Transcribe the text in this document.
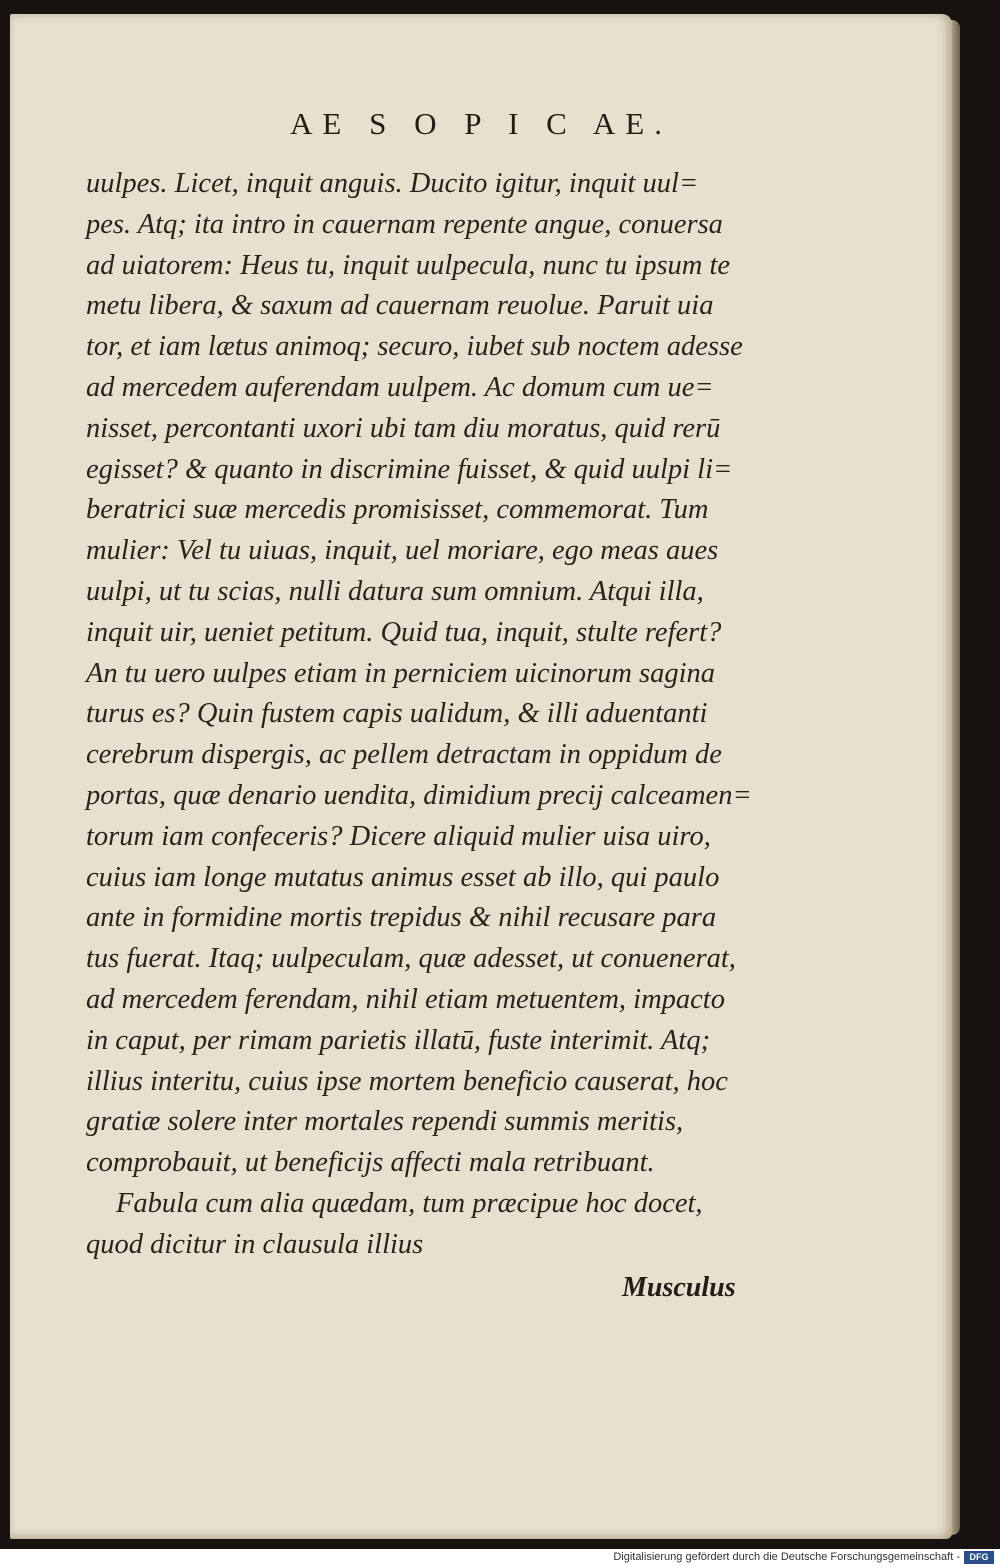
AE S O P I C AE.
uulpes. Licet, inquit anguis. Ducito igitur, inquit uul=
pes. Atq; ita intro in cauernam repente angue, conuersa
ad uiatorem: Heus tu, inquit uulpecula, nunc tu ipsum te
metu libera, & saxum ad cauernam reuolue. Paruit uia
tor, et iam lætus animoq; securo, iubet sub noctem adesse
ad mercedem auferendam uulpem. Ac domum cum ue=
nisset, percontanti uxori ubi tam diu moratus, quid rerū
egisset? & quanto in discrimine fuisset, & quid uulpi li=
beratrici suæ mercedis promisisset, commemorat. Tum
mulier: Vel tu uiuas, inquit, uel moriare, ego meas aues
uulpi, ut tu scias, nulli datura sum omnium. Atqui illa,
inquit uir, ueniet petitum. Quid tua, inquit, stulte refert?
An tu uero uulpes etiam in perniciem uicinorum sagina
turus es? Quin fustem capis ualidum, & illi aduentanti
cerebrum dispergis, ac pellem detractam in oppidum de
portas, quæ denario uendita, dimidium precij calceamen=
torum iam confeceris? Dicere aliquid mulier uisa uiro,
cuius iam longe mutatus animus esset ab illo, qui paulo
ante in formidine mortis trepidus & nihil recusare para
tus fuerat. Itaq; uulpeculam, quæ adesset, ut conuenerat,
ad mercedem ferendam, nihil etiam metuentem, impacto
in caput, per rimam parietis illatū, fuste interimit. Atq;
illius interitu, cuius ipse mortem beneficio causerat, hoc
gratiæ solere inter mortales rependi summis meritis,
comprobauit, ut beneficijs affecti mala retribuant.
Fabula cum alia quædam, tum præcipue hoc docet,
quod dicitur in clausula illius
Musculus
Digitalisierung gefördert durch die Deutsche Forschungsgemeinschaft -	DFG
